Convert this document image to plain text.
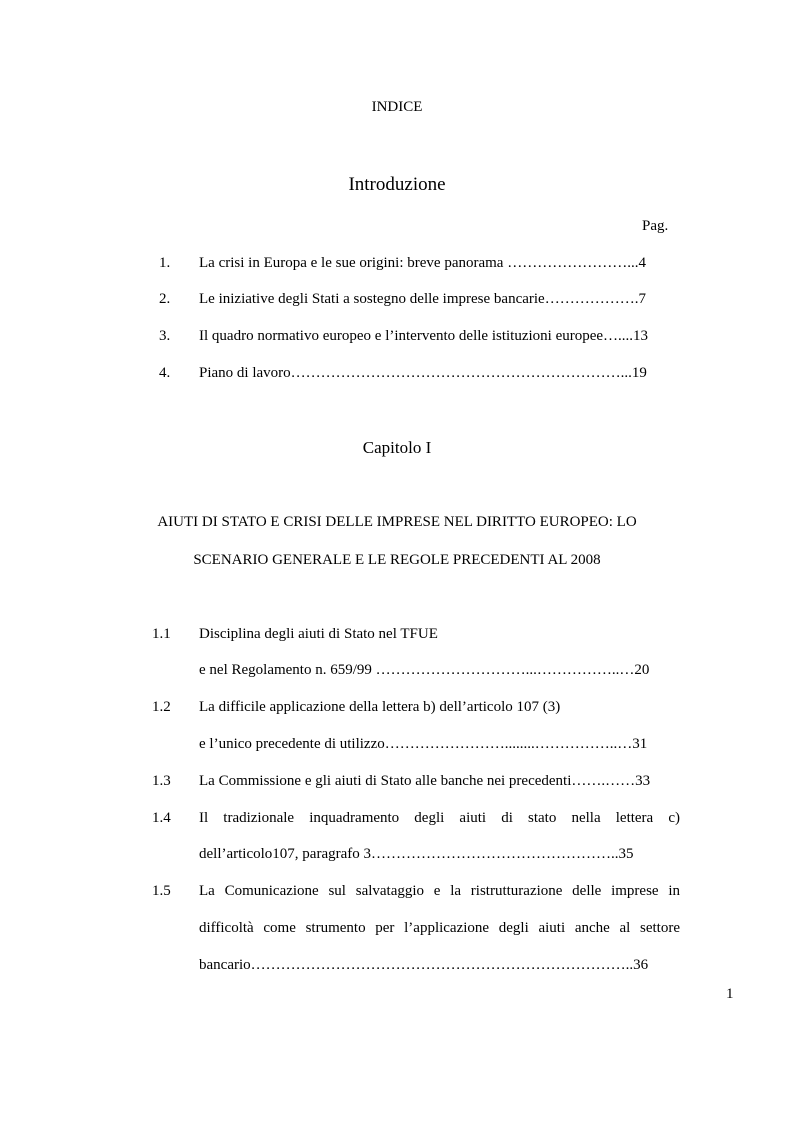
INDICE
Introduzione
Pag.
1. La crisi in Europa e le sue origini: breve panorama ……………………...4
2. Le iniziative degli Stati a sostegno delle imprese bancarie……………….7
3. Il quadro normativo europeo e l’intervento delle istituzioni europee…....13
4. Piano di lavoro…………………………………………………………...19
Capitolo I
AIUTI DI STATO E CRISI DELLE IMPRESE NEL DIRITTO EUROPEO: LO
SCENARIO GENERALE E LE REGOLE PRECEDENTI AL 2008
1.1 Disciplina degli aiuti di Stato nel TFUE
e nel Regolamento n. 659/99 …………………………...……………..…20
1.2 La difficile applicazione della lettera b) dell’articolo 107 (3)
e l’unico precedente di utilizzo……………………........……………..…31
1.3 La Commissione e gli aiuti di Stato alle banche nei precedenti…….……33
1.4 Il tradizionale inquadramento degli aiuti di stato nella lettera c)
dell’articolo107, paragrafo 3…………………………………………..35
1.5 La Comunicazione sul salvataggio e la ristrutturazione delle imprese in
difficoltà come strumento per l’applicazione degli aiuti anche al settore
bancario…………………………………………………………………..36
1
